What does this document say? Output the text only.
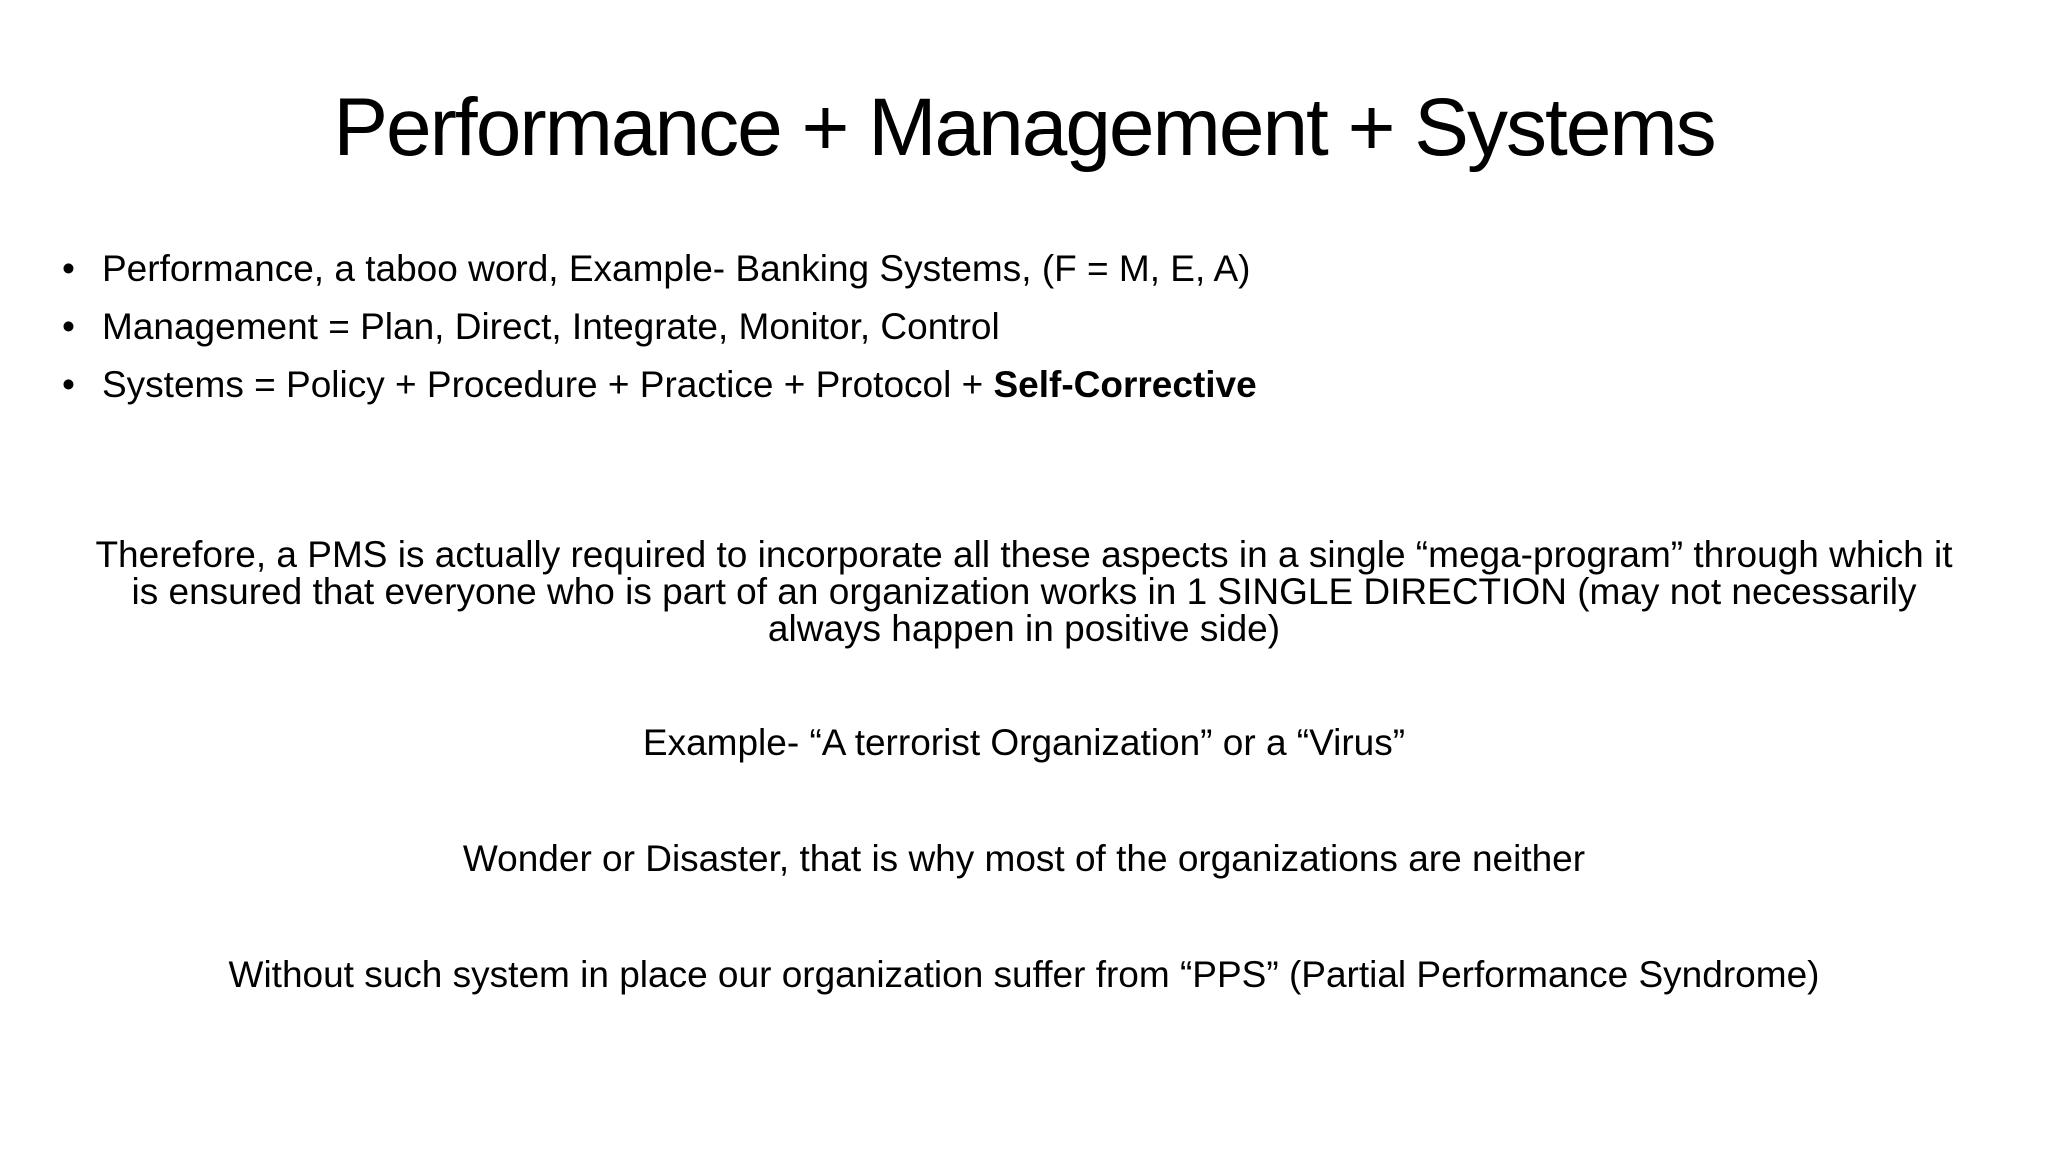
Performance + Management + Systems
• Performance, a taboo word, Example- Banking Systems, (F = M, E, A)
• Management = Plan, Direct, Integrate, Monitor, Control
• Systems = Policy + Procedure + Practice + Protocol + Self-Corrective

Therefore, a PMS is actually required to incorporate all these aspects in a single “mega-program” through which it is ensured that everyone who is part of an organization works in 1 SINGLE DIRECTION (may not necessarily always happen in positive side)

Example- “A terrorist Organization” or a “Virus”

Wonder or Disaster, that is why most of the organizations are neither

Without such system in place our organization suffer from “PPS” (Partial Performance Syndrome)
